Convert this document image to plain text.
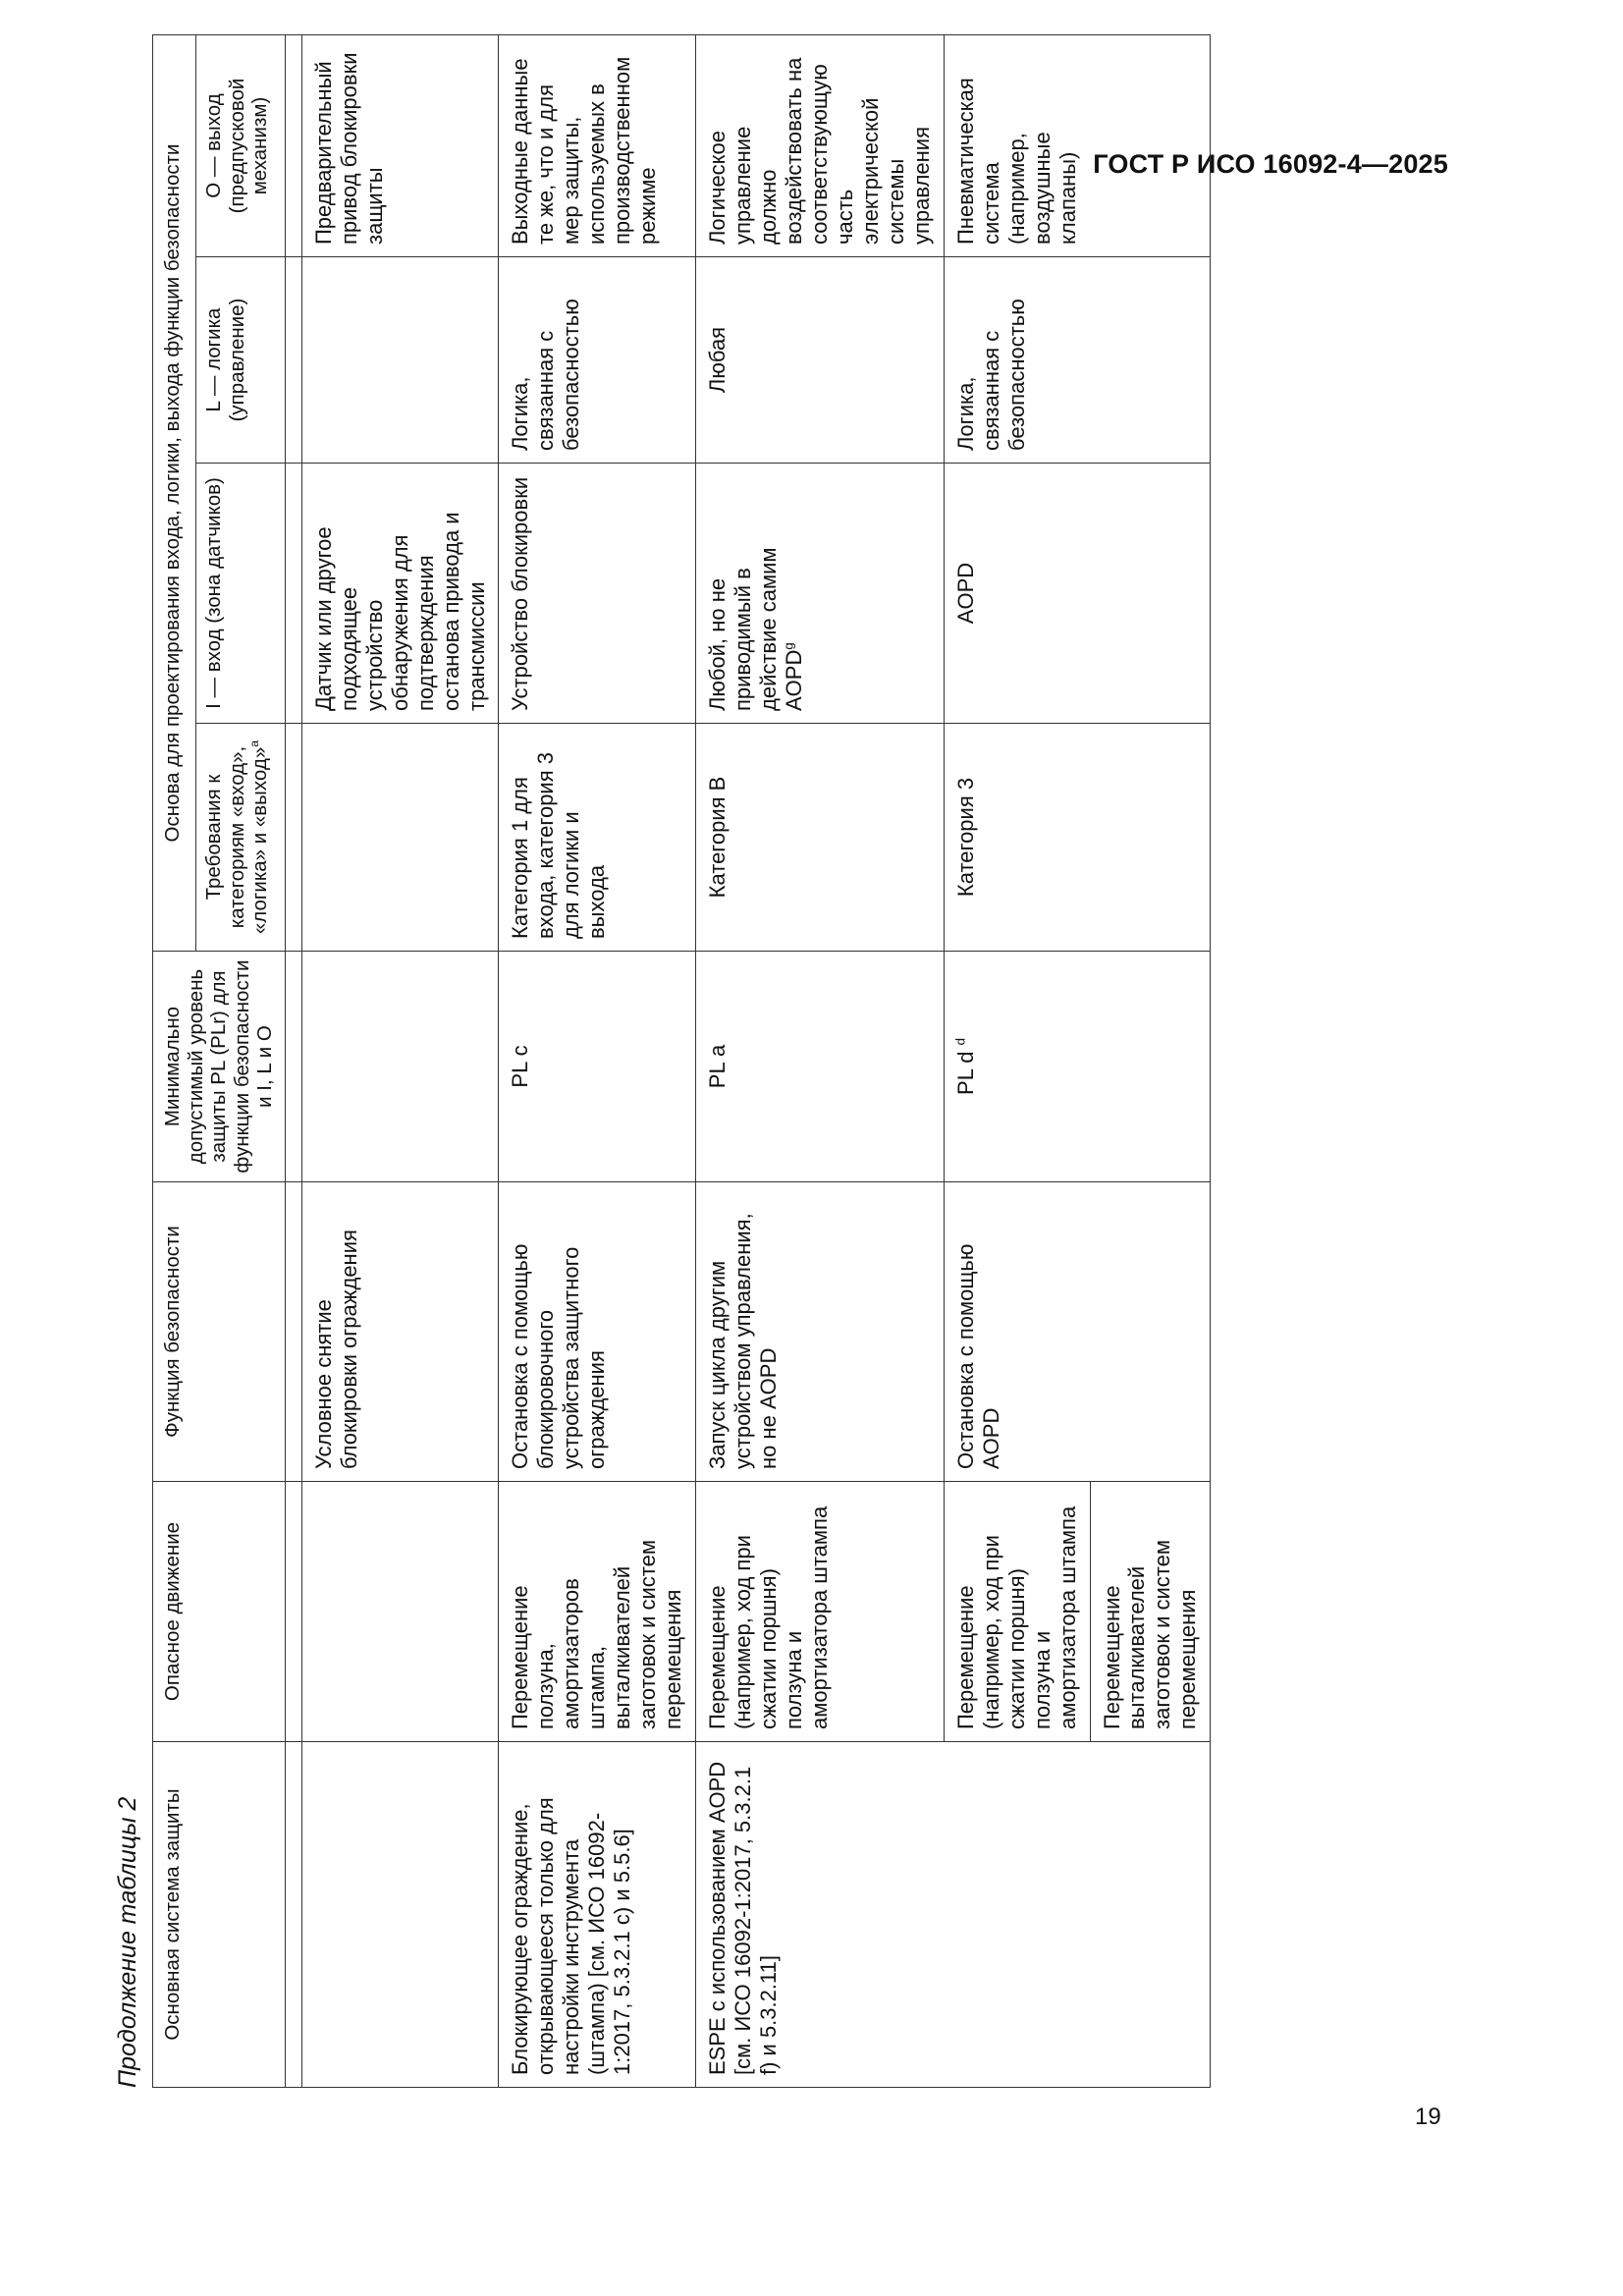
ГОСТ Р ИСО 16092-4—2025
Продолжение таблицы 2 Основная система защиты	Опасное движение	Функция безопасности	Минимально допустимый уровень защиты PL (PLr) для функции безопасности и I, L и O	Основа для проектирования входа, логики, выхода функции безопасности			
				Требования к категориям «вход», «логика» и «выход»$^a$	I — вход (зона датчиков)	L — логика (управление)	O — выход (предпусковой механизм)

		Условное снятие блокировки ограждения			Датчик или другое подходящее устройство обнаружения для подтверждения останова привода и трансмиссии		Предварительный привод блокировки защиты
Блокирующее ограждение, открывающееся только для настройки инструмента (штампа) [см. ИСО 16092-1:2017, 5.3.2.1 c) и 5.5.6]	Перемещение ползуна, амортизаторов штампа, выталкивателей заготовок и систем перемещения	Остановка с помощью блокировочного устройства защитного ограждения	PL c	Категория 1 для входа, категория 3 для логики и выхода	Устройство блокировки	Логика, связанная с безопасностью	Выходные данные те же, что и для мер защиты, используемых в производственном режиме
ESPE с использованием AOPD [см. ИСО 16092-1:2017, 5.3.2.1 f) и 5.3.2.11]	Перемещение (например, ход при сжатии поршня) ползуна и амортизатора штампа	Запуск цикла другим устройством управления, но не AOPD	PL a	Категория B	Любой, но не приводимый в действие самим AOPD$^g$	Любая	Логическое управление должно воздействовать на соответствующую часть электрической системы управления
	Перемещение (например, ход при сжатии поршня) ползуна и амортизатора штампа	Остановка с помощью AOPD	PL d $^d$	Категория 3	AOPD	Логика, связанная с безопасностью	Пневматическая система (например, воздушные клапаны)
	Перемещение выталкивателей заготовок и систем перемещения						
19
